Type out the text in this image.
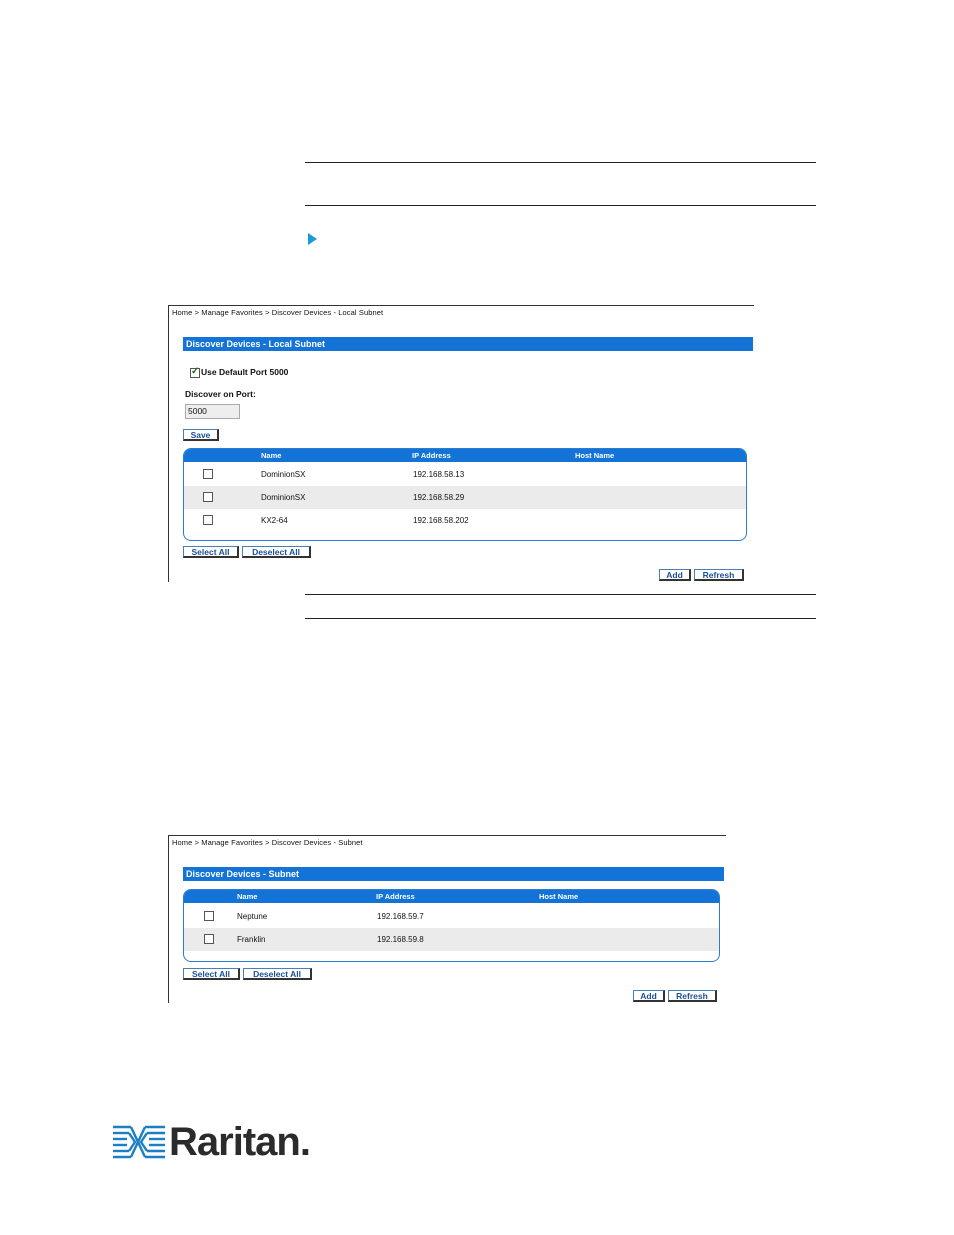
Home > Manage Favorites > Discover Devices - Local Subnet
Discover Devices - Local Subnet
✓
Use Default Port 5000
Discover on Port:
5000
Save
Name	IP Address	Host Name
DominionSX	192.168.58.13
DominionSX	192.168.58.29
KX2-64	192.168.58.202
Select All	Deselect All
Add	Refresh
Home > Manage Favorites > Discover Devices - Subnet
Discover Devices - Subnet
Name	IP Address	Host Name
Neptune	192.168.59.7
Franklin	192.168.59.8
Select All	Deselect All
Add	Refresh
Raritan.
